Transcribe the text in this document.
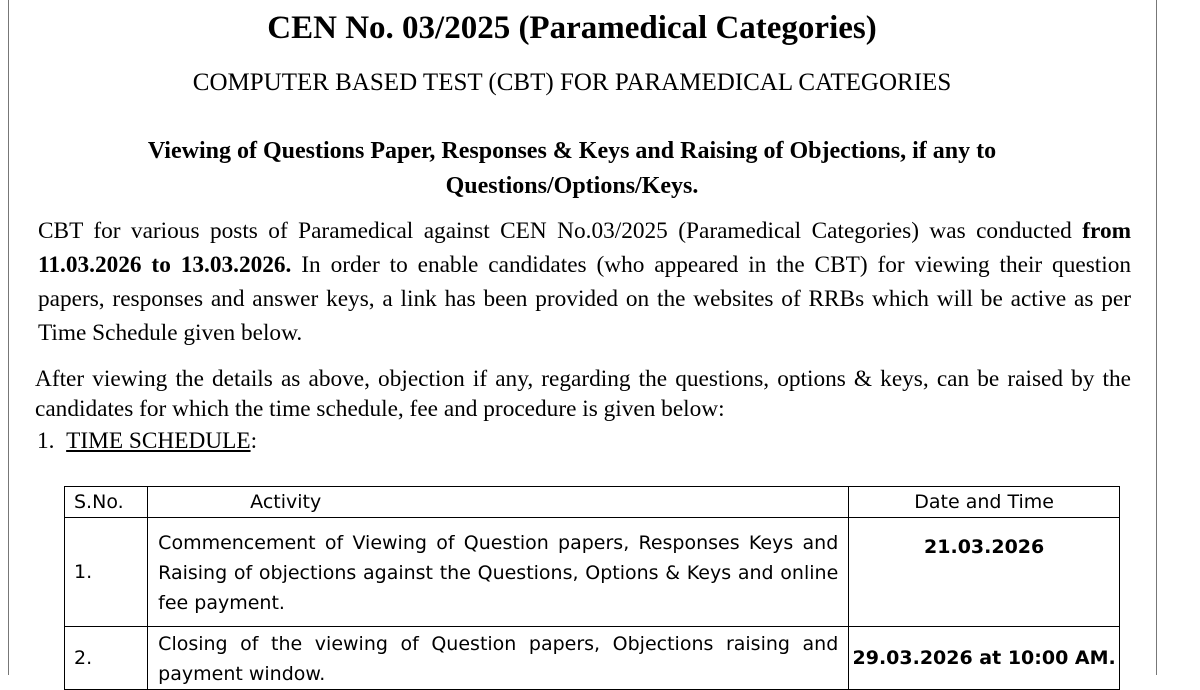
CEN No. 03/2025 (Paramedical Categories)
COMPUTER BASED TEST (CBT) FOR PARAMEDICAL CATEGORIES
Viewing of Questions Paper, Responses & Keys and Raising of Objections, if any to Questions/Options/Keys.

CBT for various posts of Paramedical against CEN No.03/2025 (Paramedical Categories) was conducted from 11.03.2026 to 13.03.2026. In order to enable candidates (who appeared in the CBT) for viewing their question papers, responses and answer keys, a link has been provided on the websites of RRBs which will be active as per Time Schedule given below.

After viewing the details as above, objection if any, regarding the questions, options & keys, can be raised by the candidates for which the time schedule, fee and procedure is given below:

1. TIME SCHEDULE:
S.No.	Activity	Date and Time
1.	Commencement of Viewing of Question papers, Responses Keys and Raising of objections against the Questions, Options & Keys and online fee payment.	21.03.2026
2.	Closing of the viewing of Question papers, Objections raising and payment window.	29.03.2026 at 10:00 AM.
